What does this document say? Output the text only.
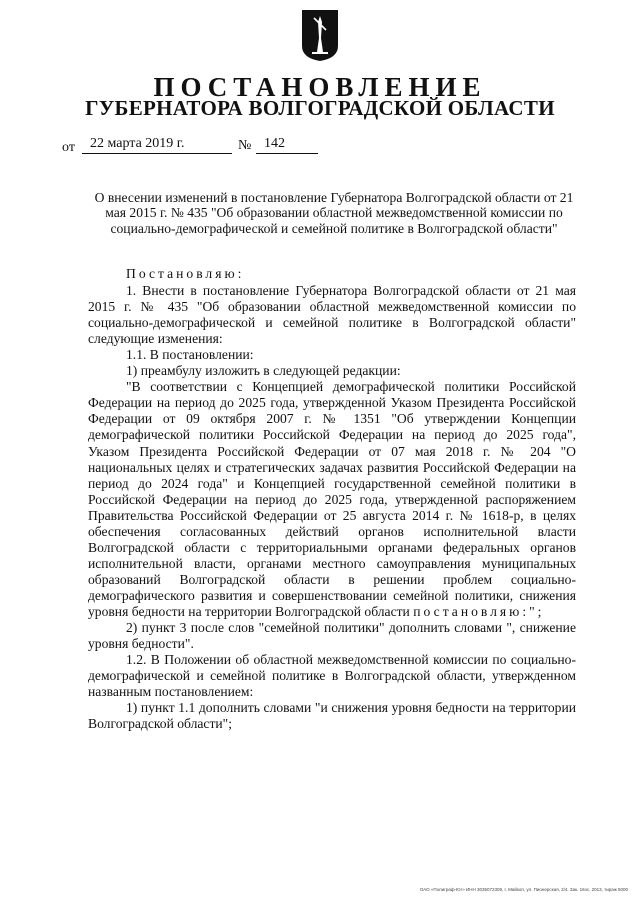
ПОСТАНОВЛЕНИЕ
ГУБЕРНАТОРА ВОЛГОГРАДСКОЙ ОБЛАСТИ
от 22 марта 2019 г.	№ 142
О внесении изменений в постановление Губернатора Волгоградской области от 21 мая 2015 г. № 435 "Об образовании областной межведомственной комиссии по социально-демографической и семейной политике в Волгоградской области"

Постановляю:

1. Внести в постановление Губернатора Волгоградской области от 21 мая 2015 г. № 435 "Об образовании областной межведомственной комиссии по социально-демографической и семейной политике в Волгоградской области" следующие изменения:

1.1. В постановлении:

1) преамбулу изложить в следующей редакции:

"В соответствии с Концепцией демографической политики Российской Федерации на период до 2025 года, утвержденной Указом Президента Российской Федерации от 09 октября 2007 г. № 1351 "Об утверждении Концепции демографической политики Российской Федерации на период до 2025 года", Указом Президента Российской Федерации от 07 мая 2018 г. № 204 "О национальных целях и стратегических задачах развития Российской Федерации на период до 2024 года" и Концепцией государственной семейной политики в Российской Федерации на период до 2025 года, утвержденной распоряжением Правительства Российской Федерации от 25 августа 2014 г. № 1618-р, в целях обеспечения согласованных действий органов исполнительной власти Волгоградской области с территориальными органами федеральных органов исполнительной власти, органами местного самоуправления муниципальных образований Волгоградской области в решении проблем социально-демографического развития и совершенствовании семейной политики, снижения уровня бедности на территории Волгоградской области постановляю:";

2) пункт 3 после слов "семейной политики" дополнить словами ", снижение уровня бедности".

1.2. В Положении об областной межведомственной комиссии по социально-демографической и семейной политике в Волгоградской области, утвержденном названным постановлением:

1) пункт 1.1 дополнить словами "и снижения уровня бедности на территории Волгоградской области";

ОАО «Полиграф-Юг» ИНН 3035072309, г. Майкоп, ул. Пионерская, 2/4. Зак. 16эс. 2013, тираж 5000
